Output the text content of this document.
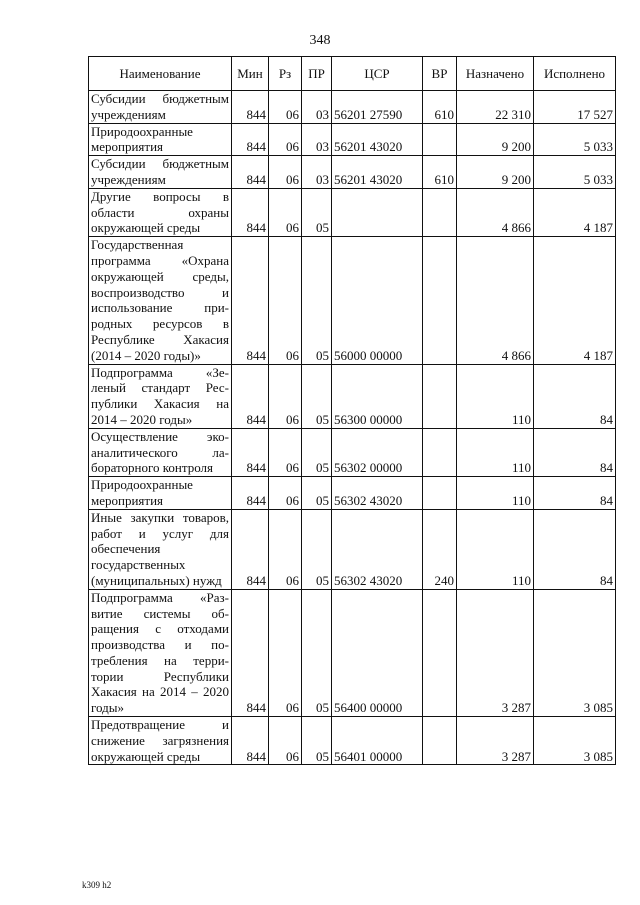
348
Наименование	Мин	Рз	ПР	ЦСР	ВР	Назначено	Исполнено
Субсидии бюджетным учреждениям	844	06	03	56201 27590	610	22 310	17 527
Природоохранные мероприятия	844	06	03	56201 43020		9 200	5 033
Субсидии бюджетным учреждениям	844	06	03	56201 43020	610	9 200	5 033
Другие вопросы в области охраны окружающей среды	844	06	05			4 866	4 187
Государственная программа «Охрана окружающей среды, воспроизводство и использование природных ресурсов в Республике Хакасия (2014 – 2020 годы)»	844	06	05	56000 00000		4 866	4 187
Подпрограмма «Зеленый стандарт Республики Хакасия на 2014 – 2020 годы»	844	06	05	56300 00000		110	84
Осуществление экоаналитического лабораторного контроля	844	06	05	56302 00000		110	84
Природоохранные мероприятия	844	06	05	56302 43020		110	84
Иные закупки товаров, работ и услуг для обеспечения государственных (муниципальных) нужд	844	06	05	56302 43020	240	110	84
Подпрограмма «Развитие системы обращения с отходами производства и потребления на территории Республики Хакасия на 2014 – 2020 годы»	844	06	05	56400 00000		3 287	3 085
Предотвращение и снижение загрязнения окружающей среды	844	06	05	56401 00000		3 287	3 085
k309 h2
